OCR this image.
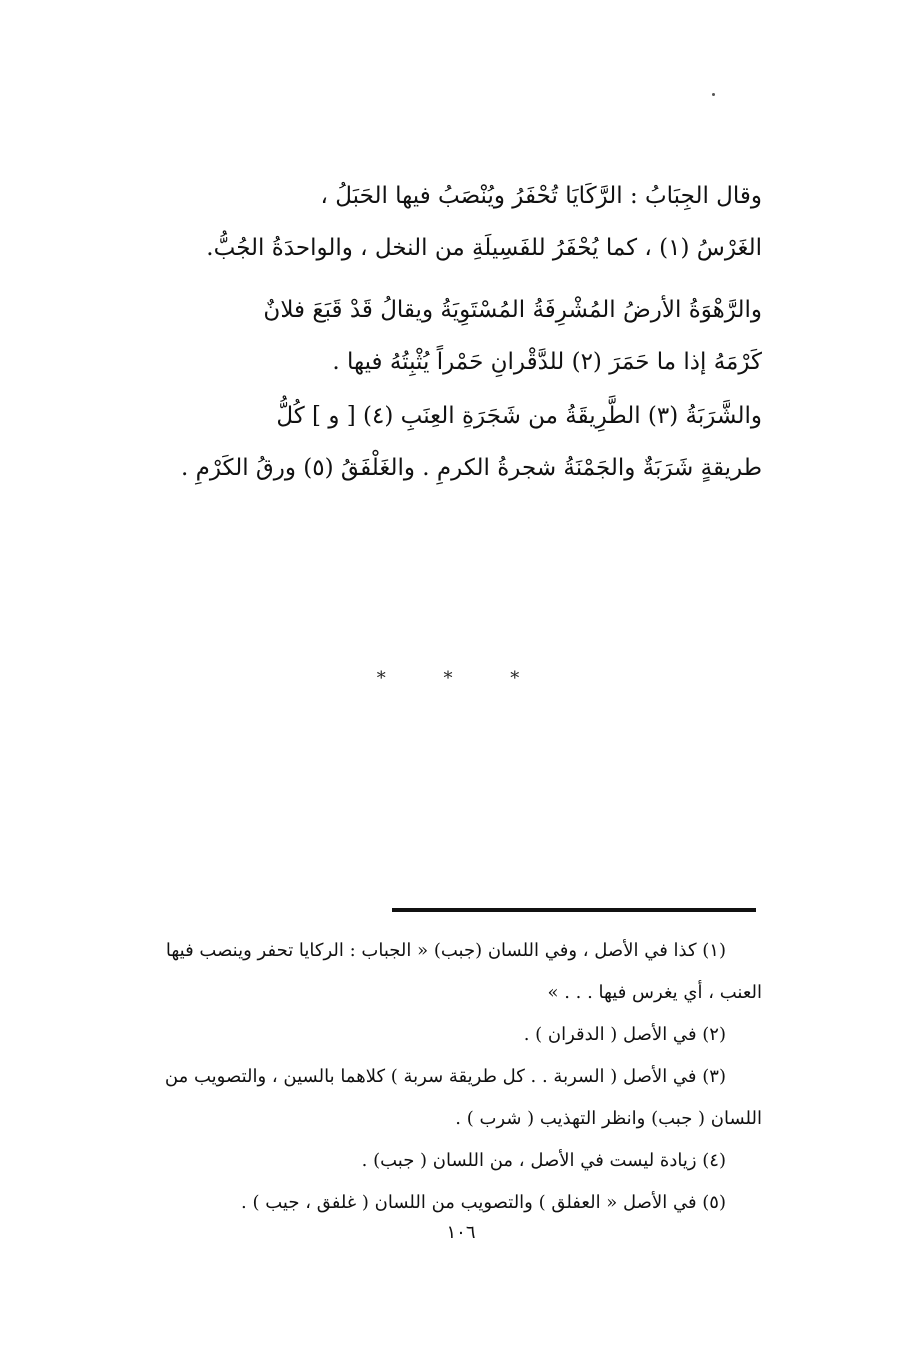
وقال الجِبَابُ : الرَّكَايَا تُحْفَرُ ويُنْصَبُ فيها الحَبَلُ ،

الغَرْسُ (١) ، كما يُحْفَرُ للفَسِيلَةِ من النخل ، والواحدَةُ الجُبُّ.

والرَّهْوَةُ الأرضُ المُشْرِفَةُ المُسْتَوِيَةُ ويقالُ قَدْ قَبَعَ فلانٌ

كَرْمَهُ إذا ما حَمَرَ (٢) للدَّقْرانِ حَمْراً يُثْبِتُهُ فيها .

والشَّرَبَةُ (٣) الطَّرِيقَةُ من شَجَرَةِ العِنَبِ (٤) [ و ] كُلُّ

طريقةٍ شَرَبَةٌ والجَمْنَةُ شجرةُ الكرمِ . والغَلْفَقُ (٥) ورقُ الكَرْمِ .

* * *
(١) كذا في الأصل ، وفي اللسان (جبب) « الجباب : الركايا تحفر وينصب فيها
العنب ، أي يغرس فيها . . . »
(٢) في الأصل ( الدقران ) .
(٣) في الأصل ( السربة . . كل طريقة سربة ) كلاهما بالسين ، والتصويب من
اللسان ( جبب) وانظر التهذيب ( شرب ) .
(٤) زيادة ليست في الأصل ، من اللسان ( جبب) .
(٥) في الأصل « العفلق ) والتصويب من اللسان ( غلفق ، جيب ) .
١٠٦
